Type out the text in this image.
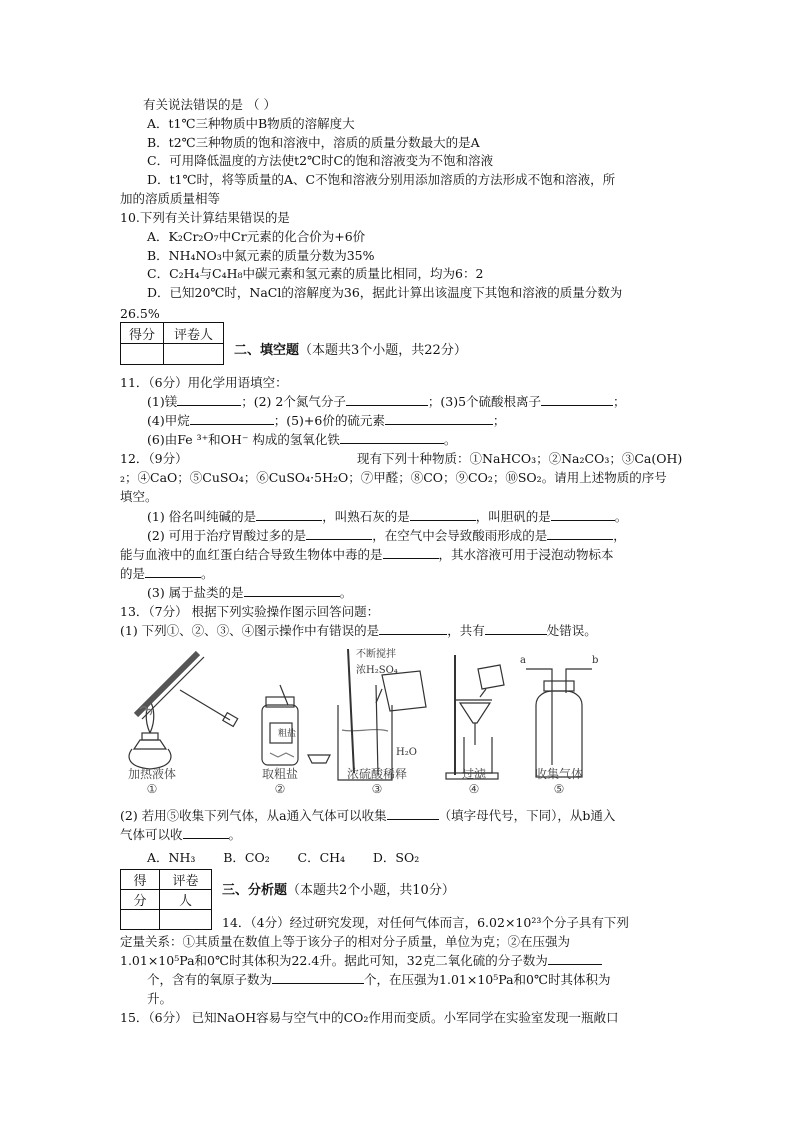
有关说法错误的是 （ ）
A．t1℃三种物质中B物质的溶解度大
B．t2℃三种物质的饱和溶液中，溶质的质量分数最大的是A
C．可用降低温度的方法使t2℃时C的饱和溶液变为不饱和溶液
D．t1℃时，将等质量的A、C不饱和溶液分别用添加溶质的方法形成不饱和溶液，所
加的溶质质量相等
10.下列有关计算结果错误的是
A．K₂Cr₂O₇中Cr元素的化合价为+6价
B．NH₄NO₃中氮元素的质量分数为35%
C．C₂H₄与C₄H₈中碳元素和氢元素的质量比相同，均为6：2
D．已知20℃时，NaCl的溶解度为36，据此计算出该温度下其饱和溶液的质量分数为
26.5%
得分	评卷人

二、填空题（本题共3个小题，共22分）
11．（6分）用化学用语填空：
(1)镁	；(2) 2个氮气分子	；(3)5个硫酸根离子	；
(4)甲烷	；(5)+6价的硫元素	；
(6)由Fe ³⁺和OH⁻ 构成的氢氧化铁	。
12．（9分）	现有下列十种物质：①NaHCO₃；②Na₂CO₃；③Ca(OH)
₂；④CaO；⑤CuSO₄；⑥CuSO₄·5H₂O；⑦甲醛；⑧CO；⑨CO₂；⑩SO₂。请用上述物质的序号
填空。
(1) 俗名叫纯碱的是	，叫熟石灰的是	，叫胆矾的是	。
(2) 可用于治疗胃酸过多的是	，在空气中会导致酸雨形成的是	，
能与血液中的血红蛋白结合导致生物体中毒的是	，其水溶液可用于浸泡动物标本
的是	。
(3) 属于盐类的是	。
13．（7分） 根据下列实验操作图示回答问题：
(1) 下列①、②、③、④图示操作中有错误的是	，共有	处错误。
H₂O
不断搅拌
浓H₂SO₄
a	b
粗盐
加热液体
①
取粗盐
②
浓硫酸稀释
③
过滤
④
收集气体
⑤
(2) 若用⑤收集下列气体，从a通入气体可以收集	（填字母代号，下同），从b通入
气体可以收	。
A．NH₃       B．CO₂       C．CH₄       D．SO₂
得	评卷
分	人

三、分析题（本题共2个小题，共10分）
14．（4分）经过研究发现，对任何气体而言，6.02×10²³个分子具有下列
定量关系：①其质量在数值上等于该分子的相对分子质量，单位为克；②在压强为
1.01×10⁵Pa和0℃时其体积为22.4升。据此可知，32克二氧化硫的分子数为
个，含有的氧原子数为	个，在压强为1.01×10⁵Pa和0℃时其体积为
升。
15．（6分） 已知NaOH容易与空气中的CO₂作用而变质。小军同学在实验室发现一瓶敞口
